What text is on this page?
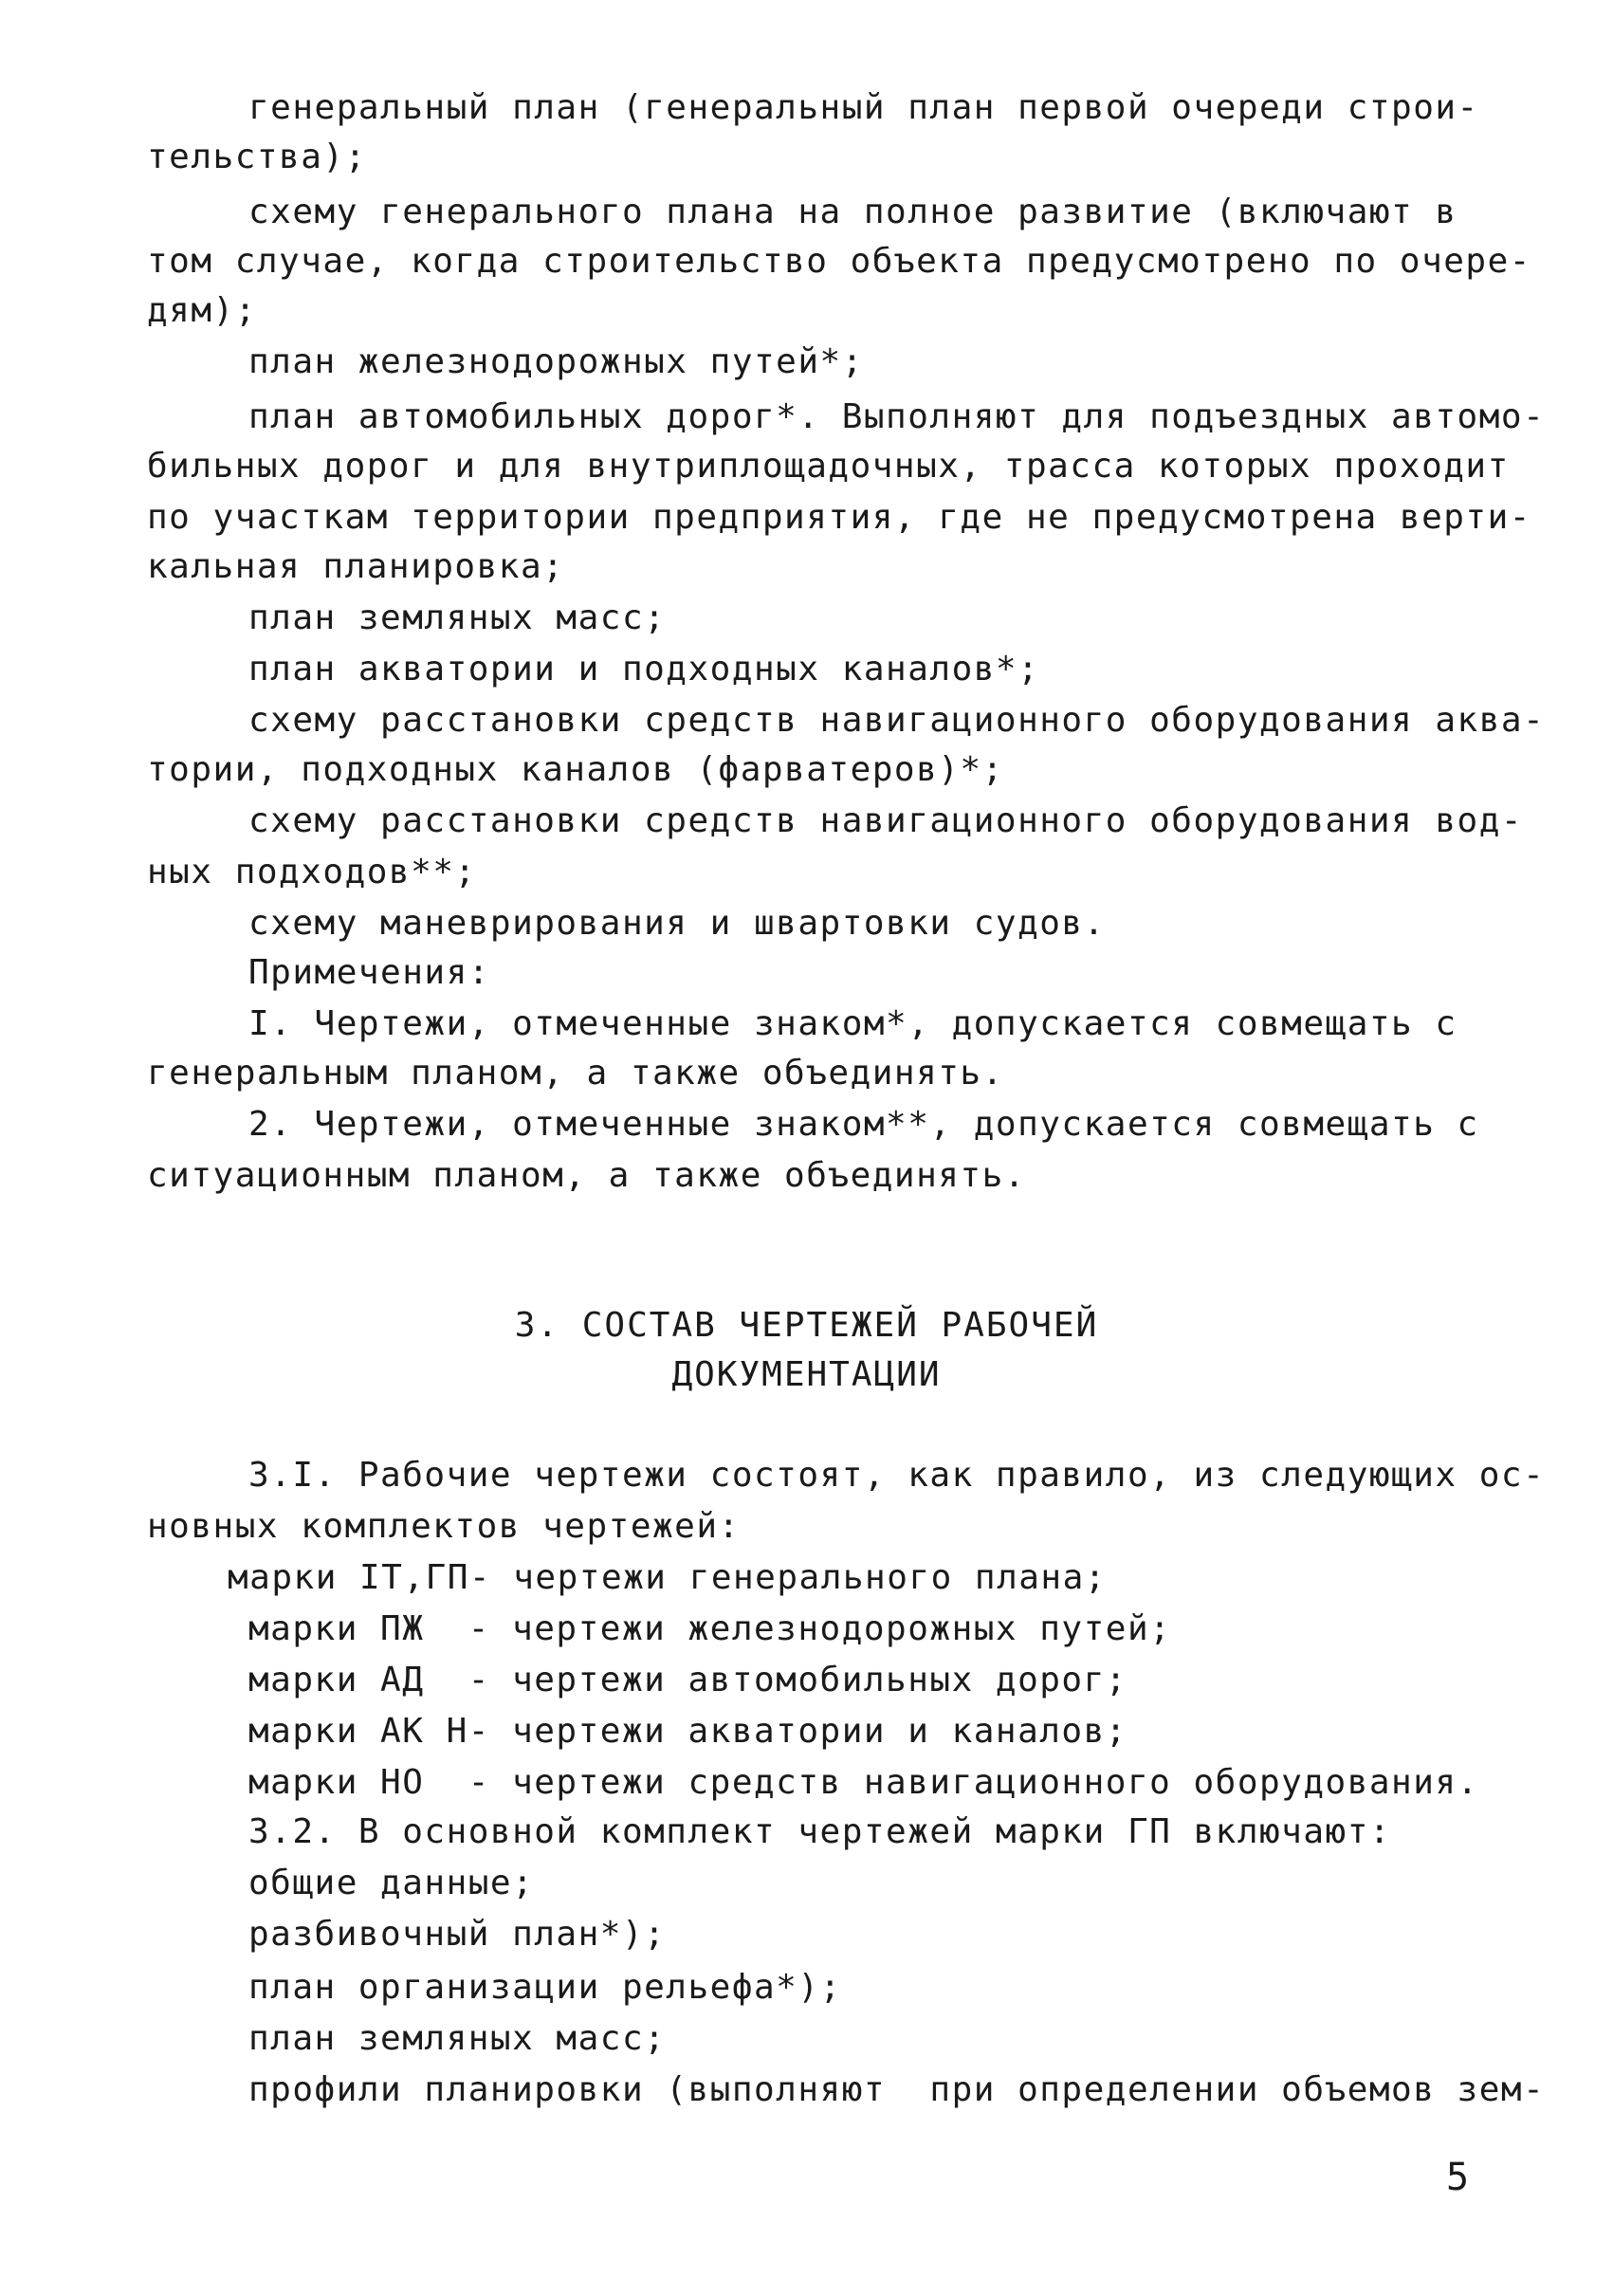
генеральный план (генеральный план первой очереди строи-
тельства);
схему генерального плана на полное развитие (включают в
том случае, когда строительство объекта предусмотрено по очере-
дям);
план железнодорожных путей*;
план автомобильных дорог*. Выполняют для подъездных автомо-
бильных дорог и для внутриплощадочных, трасса которых проходит
по участкам территории предприятия, где не предусмотрена верти-
кальная планировка;
план земляных масс;
план акватории и подходных каналов*;
схему расстановки средств навигационного оборудования аква-
тории, подходных каналов (фарватеров)*;
схему расстановки средств навигационного оборудования вод-
ных подходов**;
схему маневрирования и швартовки судов.
Примечения:
I. Чертежи, отмеченные знаком*, допускается совмещать с
генеральным планом, а также объединять.
2. Чертежи, отмеченные знаком**, допускается совмещать с
ситуационным планом, а также объединять.
3. СОСТАВ ЧЕРТЕЖЕЙ РАБОЧЕЙ
ДОКУМЕНТАЦИИ
3.I. Рабочие чертежи состоят, как правило, из следующих ос-
новных комплектов чертежей:
марки IТ,ГП- чертежи генерального плана;
марки ПЖ  - чертежи железнодорожных путей;
марки АД  - чертежи автомобильных дорог;
марки АК Н- чертежи акватории и каналов;
марки НО  - чертежи средств навигационного оборудования.
3.2. В основной комплект чертежей марки ГП включают:
общие данные;
разбивочный план*);
план организации рельефа*);
план земляных масс;
профили планировки (выполняют  при определении объемов зем-
5
